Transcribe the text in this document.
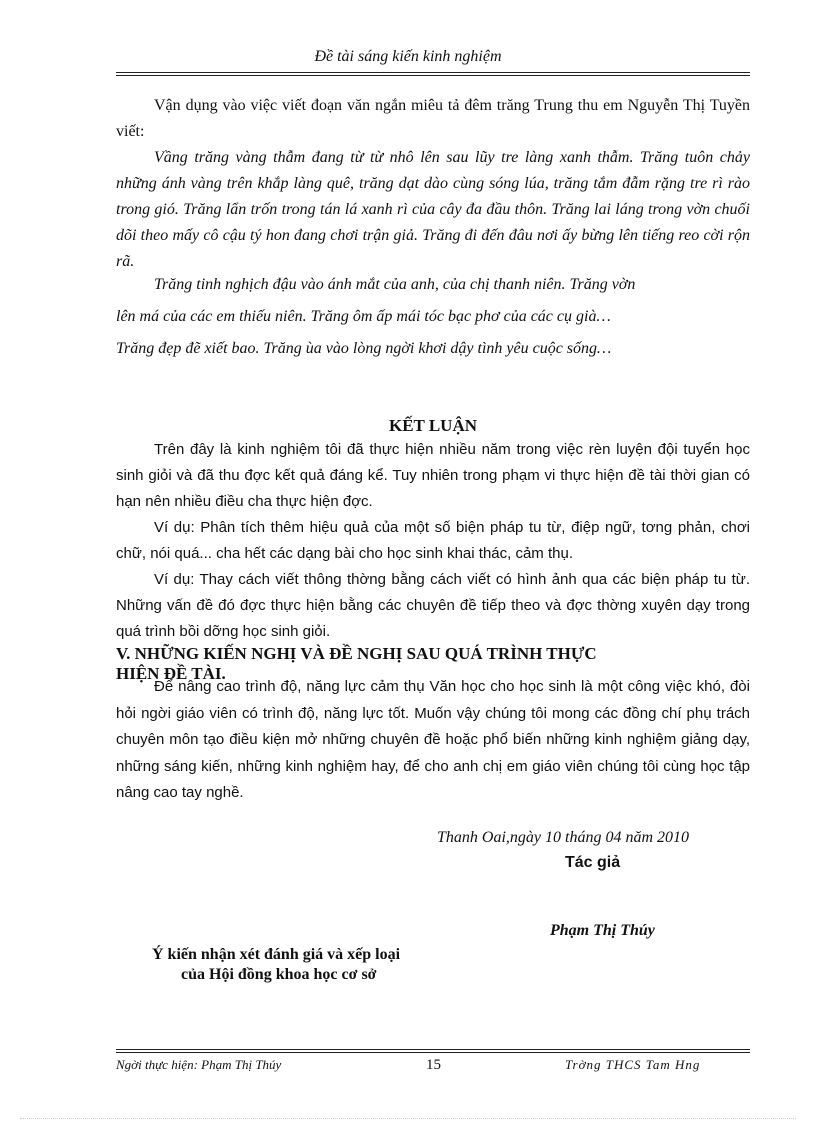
Đề tài sáng kiến kinh nghiệm
Vận dụng vào việc viết đoạn văn ngắn miêu tả đêm trăng Trung thu em Nguyễn Thị Tuyền viết:
Vầng trăng vàng thẫm đang từ từ nhô lên sau lũy tre làng xanh thẫm. Trăng tuôn chảy những ánh vàng trên khắp làng quê, trăng dạt dào cùng sóng lúa, trăng tắm đẫm rặng tre rì rào trong gió. Trăng lẩn trốn trong tán lá xanh rì của cây đa đầu thôn. Trăng lai láng trong vờn chuối dõi theo mấy cô cậu tý hon đang chơi trận giả. Trăng đi đến đâu nơi ấy bừng lên tiếng reo cời rộn rã.
Trăng tinh nghịch đậu vào ánh mắt của anh, của chị thanh niên. Trăng vờn
lên má của các em thiếu niên. Trăng ôm ấp mái tóc bạc phơ của các cụ già…
Trăng đẹp đẽ xiết bao. Trăng ùa vào lòng ngời khơi dậy tình yêu cuộc sống…
KẾT LUẬN
Trên đây là kinh nghiệm tôi đã thực hiện nhiều năm trong việc rèn luyện đội tuyển học sinh giỏi và đã thu đợc kết quả đáng kể. Tuy nhiên trong phạm vi thực hiện đề tài thời gian có hạn nên nhiều điều cha thực hiện đợc.
Ví dụ: Phân tích thêm hiệu quả của một số biện pháp tu từ, điệp ngữ, tơng phản, chơi chữ, nói quá... cha hết các dạng bài cho học sinh khai thác, cảm thụ.
Ví dụ: Thay cách viết thông thờng bằng cách viết có hình ảnh qua các biện pháp tu từ. Những vấn đề đó đợc thực hiện bằng các chuyên đề tiếp theo và đợc thờng xuyên dạy trong quá trình bồi dỡng học sinh giỏi.
V. NHỮNG KIẾN NGHỊ VÀ ĐỀ NGHỊ SAU QUÁ TRÌNH THỰC
HIỆN ĐỀ TÀI.
Để nâng cao trình độ, năng lực cảm thụ Văn học cho học sinh là một công việc khó, đòi hỏi ngời giáo viên có trình độ, năng lực tốt. Muốn vậy chúng tôi mong các đồng chí phụ trách chuyên môn tạo điều kiện mở những chuyên đề hoặc phổ biến những kinh nghiệm giảng dạy, những sáng kiến, những kinh nghiệm hay, để cho anh chị em giáo viên chúng tôi cùng học tập nâng cao tay nghề.
Thanh Oai,ngày 10 tháng 04 năm 2010
Tác giả
Phạm Thị Thúy
Ý kiến nhận xét đánh giá và xếp loại
của Hội đồng khoa học cơ sở
Ngời thực hiện: Phạm Thị Thúy	15	Trờng THCS Tam Hng
